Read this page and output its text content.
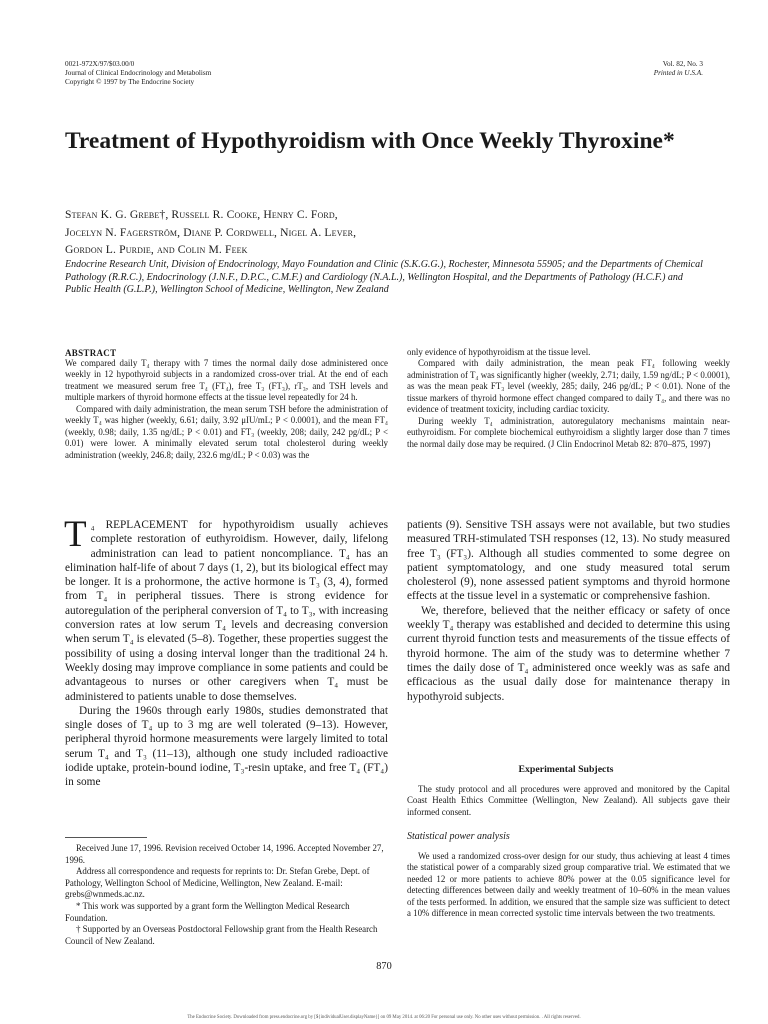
0021-972X/97/$03.00/0
Journal of Clinical Endocrinology and Metabolism
Copyright © 1997 by The Endocrine Society
Vol. 82, No. 3
Printed in U.S.A.
Treatment of Hypothyroidism with Once Weekly Thyroxine*
Stefan K. G. Grebe†, Russell R. Cooke, Henry C. Ford,
Jocelyn N. Fagerström, Diane P. Cordwell, Nigel A. Lever,
Gordon L. Purdie, and Colin M. Feek
Endocrine Research Unit, Division of Endocrinology, Mayo Foundation and Clinic (S.K.G.G.), Rochester, Minnesota 55905; and the Departments of Chemical Pathology (R.R.C.), Endocrinology (J.N.F., D.P.C., C.M.F.) and Cardiology (N.A.L.), Wellington Hospital, and the Departments of Pathology (H.C.F.) and Public Health (G.L.P.), Wellington School of Medicine, Wellington, New Zealand
ABSTRACT

We compared daily T₄ therapy with 7 times the normal daily dose administered once weekly in 12 hypothyroid subjects in a randomized cross-over trial. At the end of each treatment we measured serum free T₄ (FT₄), free T₃ (FT₃), rT₃, and TSH levels and multiple markers of thyroid hormone effects at the tissue level repeatedly for 24 h.

Compared with daily administration, the mean serum TSH before the administration of weekly T₄ was higher (weekly, 6.61; daily, 3.92 μIU/mL; P < 0.0001), and the mean FT₄ (weekly, 0.98; daily, 1.35 ng/dL; P < 0.01) and FT₃ (weekly, 208; daily, 242 pg/dL; P < 0.01) were lower. A minimally elevated serum total cholesterol during weekly administration (weekly, 246.8; daily, 232.6 mg/dL; P < 0.03) was the

only evidence of hypothyroidism at the tissue level.

Compared with daily administration, the mean peak FT₄ following weekly administration of T₄ was significantly higher (weekly, 2.71; daily, 1.59 ng/dL; P < 0.0001), as was the mean peak FT₃ level (weekly, 285; daily, 246 pg/dL; P < 0.01). None of the tissue markers of thyroid hormone effect changed compared to daily T₄, and there was no evidence of treatment toxicity, including cardiac toxicity.

During weekly T₄ administration, autoregulatory mechanisms maintain near-euthyroidism. For complete biochemical euthyroidism a slightly larger dose than 7 times the normal daily dose may be required. (J Clin Endocrinol Metab 82: 870–875, 1997)

T ₄ REPLACEMENT for hypothyroidism usually achieves complete restoration of euthyroidism. However, daily, lifelong administration can lead to patient noncompliance. T₄ has an elimination half-life of about 7 days (1, 2), but its biological effect may be longer. It is a prohormone, the active hormone is T₃ (3, 4), formed from T₄ in peripheral tissues. There is strong evidence for autoregulation of the peripheral conversion of T₄ to T₃, with increasing conversion rates at low serum T₄ levels and decreasing conversion when serum T₄ is elevated (5–8). Together, these properties suggest the possibility of using a dosing interval longer than the traditional 24 h. Weekly dosing may improve compliance in some patients and could be advantageous to nurses or other caregivers when T₄ must be administered to patients unable to dose themselves.

During the 1960s through early 1980s, studies demonstrated that single doses of T₄ up to 3 mg are well tolerated (9–13). However, peripheral thyroid hormone measurements were largely limited to total serum T₄ and T₃ (11–13), although one study included radioactive iodide uptake, protein-bound iodine, T₃-resin uptake, and free T₄ (FT₄) in some

patients (9). Sensitive TSH assays were not available, but two studies measured TRH-stimulated TSH responses (12, 13). No study measured free T₃ (FT₃). Although all studies commented to some degree on patient symptomatology, and one study measured total serum cholesterol (9), none assessed patient symptoms and thyroid hormone effects at the tissue level in a systematic or comprehensive fashion.

We, therefore, believed that the neither efficacy or safety of once weekly T₄ therapy was established and decided to determine this using current thyroid function tests and measurements of the tissue effects of thyroid hormone. The aim of the study was to determine whether 7 times the daily dose of T₄ administered once weekly was as safe and efficacious as the usual daily dose for maintenance therapy in hypothyroid subjects.

Experimental Subjects

The study protocol and all procedures were approved and monitored by the Capital Coast Health Ethics Committee (Wellington, New Zealand). All subjects gave their informed consent.

Statistical power analysis

We used a randomized cross-over design for our study, thus achieving at least 4 times the statistical power of a comparably sized group comparative trial. We estimated that we needed 12 or more patients to achieve 80% power at the 0.05 significance level for detecting differences between daily and weekly treatment of 10–60% in the mean values of the tests performed. In addition, we ensured that the sample size was sufficient to detect a 10% difference in mean corrected systolic time intervals between the two treatments.

Received June 17, 1996. Revision received October 14, 1996. Accepted November 27, 1996.

Address all correspondence and requests for reprints to: Dr. Stefan Grebe, Dept. of Pathology, Wellington School of Medicine, Wellington, New Zealand. E-mail: grebs@wnmeds.ac.nz.

* This work was supported by a grant form the Wellington Medical Research Foundation.

† Supported by an Overseas Postdoctoral Fellowship grant from the Health Research Council of New Zealand.

870
The Endocrine Society. Downloaded from press.endocrine.org by [${individualUser.displayName}] on 09 May 2014. at 06:20 For personal use only. No other uses without permission. . All rights reserved.
